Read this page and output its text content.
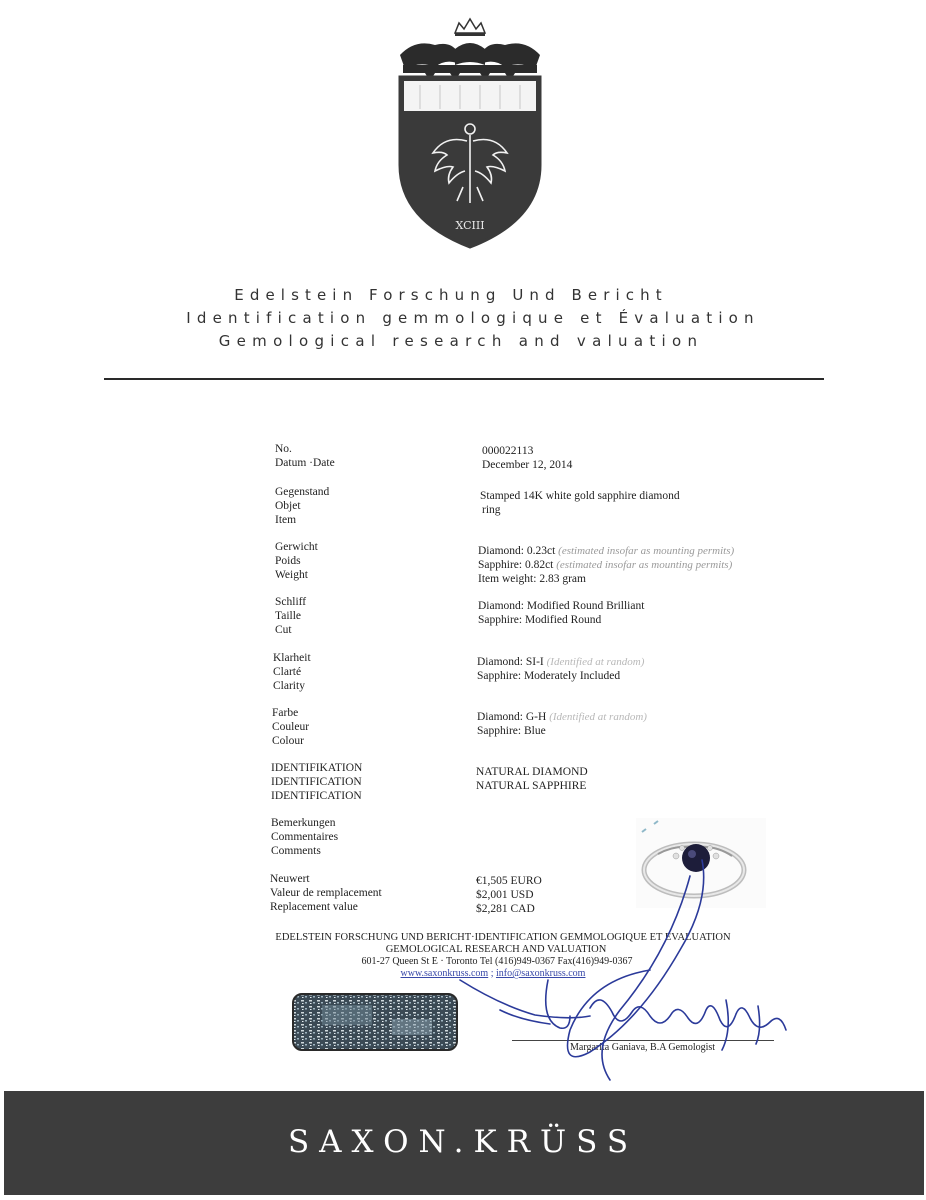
XCIII
Edelstein Forschung Und Bericht
Identification gemmologique et Évaluation
Gemological research and valuation
No.
Datum ·Date
000022113
December 12, 2014
Gegenstand
Objet
Item
Stamped 14K white gold sapphire diamond
ring
Gerwicht
Poids
Weight
Diamond: 0.23ct (estimated insofar as mounting permits)
Sapphire: 0.82ct (estimated insofar as mounting permits)
Item weight: 2.83 gram
Schliff
Taille
Cut
Diamond: Modified Round Brilliant
Sapphire: Modified Round
Klarheit
Clarté
Clarity
Diamond: SI-I (Identified at random)
Sapphire: Moderately Included
Farbe
Couleur
Colour
Diamond: G-H (Identified at random)
Sapphire: Blue
IDENTIFIKATION
IDENTIFICATION
IDENTIFICATION
NATURAL DIAMOND
NATURAL SAPPHIRE
Bemerkungen
Commentaires
Comments
Neuwert
Valeur de remplacement
Replacement value
€1,505 EURO
$2,001 USD
$2,281 CAD
EDELSTEIN FORSCHUNG UND BERICHT·IDENTIFICATION GEMMOLOGIQUE ET EVALUATION
GEMOLOGICAL RESEARCH AND VALUATION
601-27 Queen St E · Toronto Tel (416)949-0367 Fax(416)949-0367
www.saxonkruss.com ; info@saxonkruss.com
Margarita Ganiava, B.A Gemologist
SAXON.KRÜSS
